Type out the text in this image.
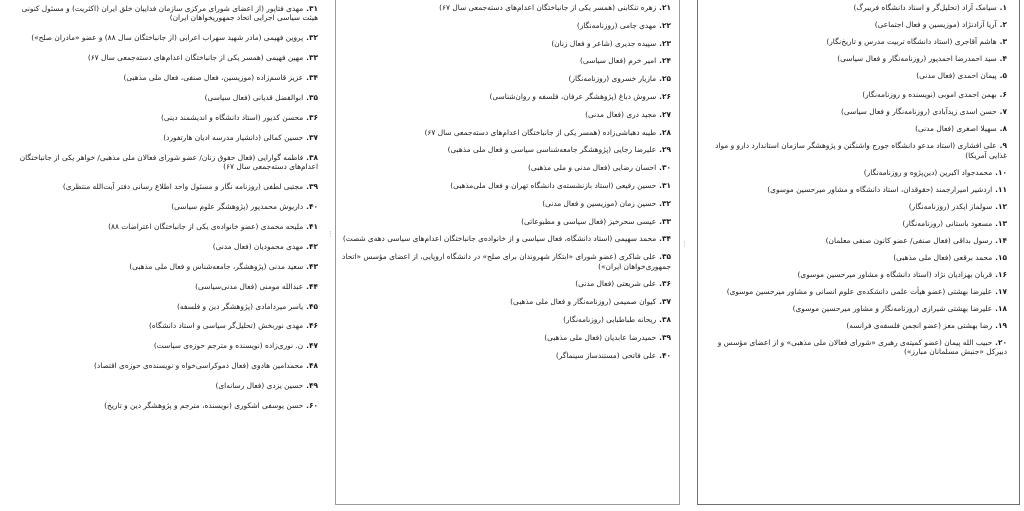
۳۱.مهدی فتاپور (از اعضای شورای مرکزی سازمان فداییان خلق ایران (اکثریت) و مسئول کنونی هیئت سیاسی اجرایی اتحاد جمهوریخواهان ایران)

۳۲.پروین فهیمی (مادر شهید سهراب اعرابی (از جانباختگان سال ۸۸) و عضو «مادران صلح»)

۳۳.مهین فهیمی (همسر یکی از جانباختگان اعدام‌های دسته‌جمعی سال ۶۷)

۳۴.عزیز قاسم‌زاده (موزیسین، فعال صنفی، فعال ملی مذهبی)

۳۵.ابوالفضل قدیانی (فعال سیاسی)

۳۶.محسن کدیور (استاد دانشگاه و اندیشمند دینی)

۳۷.حسین کمالی (دانشیار مدرسه ادیان هارتفورد)

۳۸.فاطمه گوارایی (فعال حقوق زنان/ عضو شورای فعالان ملی مذهبی/ خواهر یکی از جانباختگان اعدام‌های دسته‌جمعی سال ۶۷)

۳۹.مجتبی لطفی (روزنامه نگار و مسئول واحد اطلاع رسانی دفتر آیت‌الله منتظری)

۴۰.داریوش محمدپور (پژوهشگر علوم سیاسی)

۴۱.ملیحه محمدی (عضو خانواده‌ی یکی از جانباختگان اعتراضات ۸۸)

۴۲.مهدی محمودیان (فعال مدنی)

۴۳.سعید مدنی (پژوهشگر، جامعه‌شناس و فعال ملی مذهبی)

۴۴.عبدالله مومنی (فعال مدنی‌سیاسی)

۴۵.یاسر میردامادی (پژوهشگر دین و فلسفه)

۴۶.مهدی نوربخش (تحلیل‌گر سیاسی و استاد دانشگاه)

۴۷.ن. نوری‌زاده (نویسنده و مترجم حوزه‌ی سیاست)

۴۸.محمدامین هادوی (فعال دموکراسی‌خواه و نویسنده‌ی حوزه‌ی اقتصاد)

۴۹.حسین یزدی (فعال رسانه‌ای)

۶۰.حسن یوسفی اشکوری (نویسنده، مترجم و پژوهشگر دین و تاریخ)

⁝

۲۱.زهره تنکابنی (همسر یکی از جانباختگان اعدام‌های دسته‌جمعی سال ۶۷)

۲۲.مهدی جامی (روزنامه‌نگار)

۲۳.سپیده جدیری (شاعر و فعال زنان)

۲۴.امیر خرم (فعال سیاسی)

۲۵.مازیار خسروی (روزنامه‌نگار)

۲۶.سروش دباغ (پژوهشگر عرفان، فلسفه و روان‌شناسی)

۲۷.مجید دری (فعال مدنی)

۲۸.طیبه دهباشی‌زاده (همسر یکی از جانباختگان اعدام‌های دسته‌جمعی سال ۶۷)

۲۹.علیرضا رجایی (پژوهشگر جامعه‌شناسی سیاسی و فعال ملی مذهبی)

۳۰.احسان رضایی (فعال مدنی و ملی مذهبی)

۳۱.حسین رفیعی (استاد بازنشسته‌ی دانشگاه تهران و فعال ملی‌مذهبی)

۳۲.حسین زمان (موزیسین و فعال مدنی)

۳۳.عیسی سحرخیز (فعال سیاسی و مطبوعاتی)

۳۴.محمد سهیمی (استاد دانشگاه، فعال سیاسی و از خانواده‌ی جانباختگان اعدام‌های سیاسی دهه‌ی شصت)

۳۵.علی شاکری (عضو شورای «ابتکار شهروندان برای صلح» در دانشگاه اروپایی، از اعضای مؤسس «اتحاد جمهوری‌خواهان ایران»)

۳۶.علی شریعتی (فعال مدنی)

۳۷.کیوان صمیمی (روزنامه‌نگار و فعال ملی مذهبی)

۳۸.ریحانه طباطبایی (روزنامه‌نگار)

۳۹.حمیدرضا عابدیان (فعال ملی مذهبی)

۴۰.علی فاتحی (مستندساز سینماگر)

⁝

۱.سیامک آزاد (تحلیل‌گر و استاد دانشگاه فریبرگ)

۲.آریا آزادنژاد (موزیسین و فعال اجتماعی)

۳.هاشم آقاجری (استاد دانشگاه تربیت مدرس و تاریخ‌نگار)

۴.سید احمدرضا احمدپور (روزنامه‌نگار و فعال سیاسی)

۵.پیمان احمدی (فعال مدنی)

۶.بهمن احمدی اموبی (نویسنده و روزنامه‌نگار)

۷.حسن اسدی زیدآبادی (روزنامه‌نگار و فعال سیاسی)

۸.سهیلا اصغری (فعال مدنی)

۹.علی افشاری (استاد مدعو دانشگاه جورج واشنگتن و پژوهشگر سازمان استاندارد دارو و مواد غذایی آمریکا)

۱۰.محمدجواد اکبرین (دین‌پژوه و روزنامه‌نگار)

۱۱.اردشیر امیرارجمند (حقوقدان، استاد دانشگاه و مشاور میرحسین موسوی)

۱۲.سولماز ایکدر (روزنامه‌نگار)

۱۳.مسعود باستانی (روزنامه‌نگار)

۱۴.رسول بداقی (فعال صنفی/ عضو کانون صنفی معلمان)

۱۵.محمد برقعی (فعال ملی مذهبی)

۱۶.قربان بهزادیان نژاد (استاد دانشگاه و مشاور میرحسین موسوی)

۱۷.علیرضا بهشتی (عضو هیأت علمی دانشکده‌ی علوم انسانی و مشاور میرحسین موسوی)

۱۸.علیرضا بهشتی شیرازی (روزنامه‌نگار و مشاور میرحسین موسوی)

۱۹.رضا بهشتی معز (عضو انجمن فلسفه‌ی فرانسه)

۲۰.حبیب الله پیمان (عضو کمیته‌ی رهبری «شورای فعالان ملی مذهبی» و از اعضای مؤسس و دبیرکل «جنبش مسلمانان مبارز»)
